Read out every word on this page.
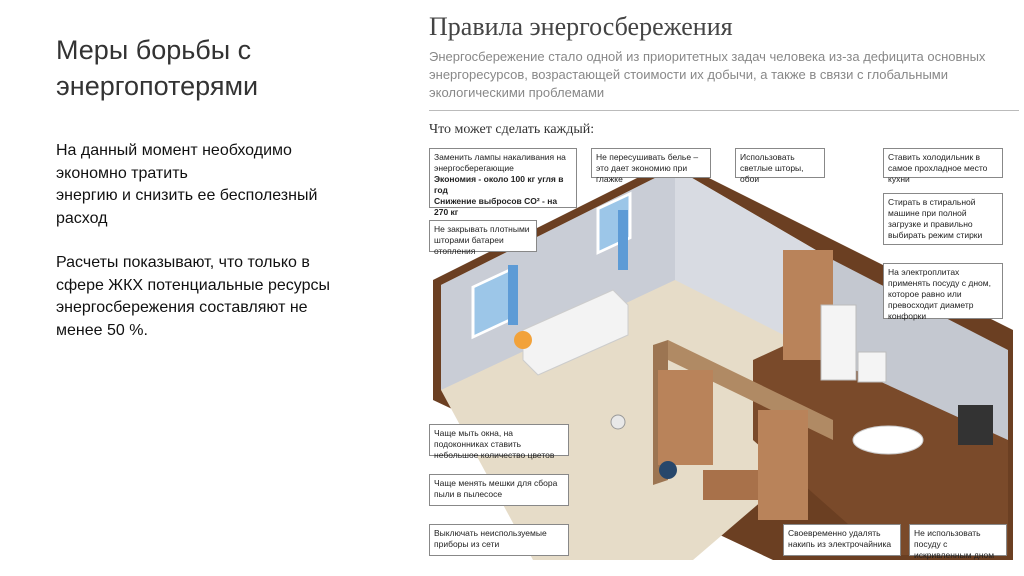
Меры борьбы с энергопотерями

На данный момент необходимо
экономно тратить
энергию и снизить ее бесполезный
расход

Расчеты показывают, что только в
сфере ЖКХ потенциальные ресурсы
энергосбережения составляют не
менее 50 %.

Правила энергосбережения
Энергосбережение стало одной из приоритетных задач человека из-за дефицита основных энергоресурсов, возрастающей стоимости их добычи, а также в связи с глобальными экологическими проблемами
Что может сделать каждый:
Заменить лампы накаливания на энергосберегающие
Экономия - около 100 кг угля в год
Снижение выбросов CO² - на 270 кг
Не пересушивать белье – это дает экономию при глажке
Использовать светлые шторы, обои
Ставить холодильник в самое прохладное место кухни
Стирать в стиральной машине при полной загрузке и правильно выбирать режим стирки
Не закрывать плотными шторами батареи отопления
На электроплитах применять посуду с дном, которое равно или превосходит диаметр конфорки
Чаще мыть окна, на подоконниках ставить небольшое количество цветов
Чаще менять мешки для сбора пыли в пылесосе
Выключать неиспользуемые приборы из сети
Своевременно удалять накипь из электрочайника
Не использовать посуду с искривленным дном
